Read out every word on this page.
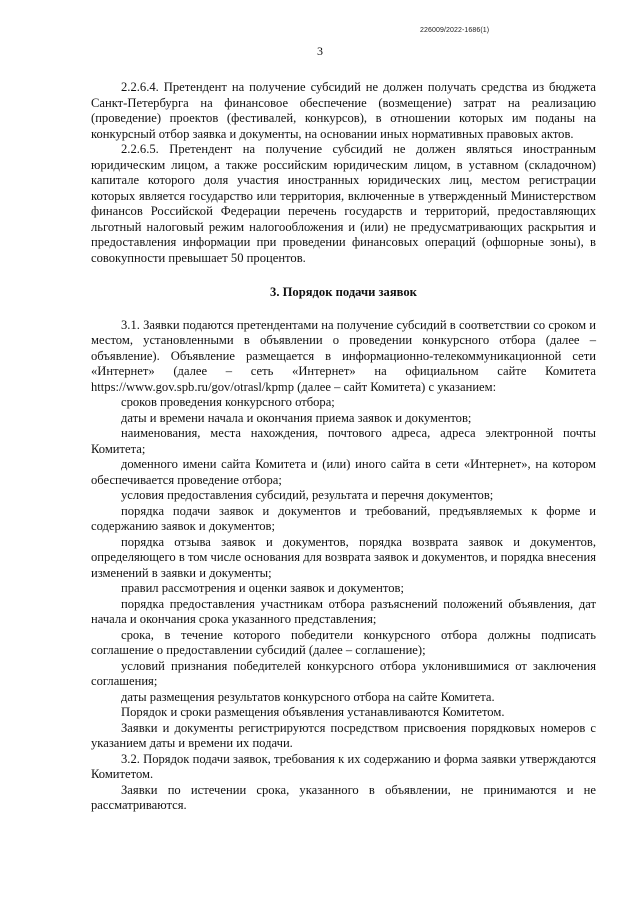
226009/2022-1686(1)
3

2.2.6.4. Претендент на получение субсидий не должен получать средства из бюджета Санкт-Петербурга на финансовое обеспечение (возмещение) затрат на реализацию (проведение) проектов (фестивалей, конкурсов), в отношении которых им поданы на конкурсный отбор заявка и документы, на основании иных нормативных правовых актов.

2.2.6.5. Претендент на получение субсидий не должен являться иностранным юридическим лицом, а также российским юридическим лицом, в уставном (складочном) капитале которого доля участия иностранных юридических лиц, местом регистрации которых является государство или территория, включенные в утвержденный Министерством финансов Российской Федерации перечень государств и территорий, предоставляющих льготный налоговый режим налогообложения и (или) не предусматривающих раскрытия и предоставления информации при проведении финансовых операций (офшорные зоны), в совокупности превышает 50 процентов.

3. Порядок подачи заявок

3.1. Заявки подаются претендентами на получение субсидий в соответствии со сроком и местом, установленными в объявлении о проведении конкурсного отбора (далее – объявление). Объявление размещается в информационно-телекоммуникационной сети «Интернет» (далее – сеть «Интернет» на официальном сайте Комитета https://www.gov.spb.ru/gov/otrasl/kpmp (далее – сайт Комитета) с указанием:

сроков проведения конкурсного отбора;

даты и времени начала и окончания приема заявок и документов;

наименования, места нахождения, почтового адреса, адреса электронной почты Комитета;

доменного имени сайта Комитета и (или) иного сайта в сети «Интернет», на котором обеспечивается проведение отбора;

условия предоставления субсидий, результата и перечня документов;

порядка подачи заявок и документов и требований, предъявляемых к форме и содержанию заявок и документов;

порядка отзыва заявок и документов, порядка возврата заявок и документов, определяющего в том числе основания для возврата заявок и документов, и порядка внесения изменений в заявки и документы;

правил рассмотрения и оценки заявок и документов;

порядка предоставления участникам отбора разъяснений положений объявления, дат начала и окончания срока указанного представления;

срока, в течение которого победители конкурсного отбора должны подписать соглашение о предоставлении субсидий (далее – соглашение);

условий признания победителей конкурсного отбора уклонившимися от заключения соглашения;

даты размещения результатов конкурсного отбора на сайте Комитета.

Порядок и сроки размещения объявления устанавливаются Комитетом.

Заявки и документы регистрируются посредством присвоения порядковых номеров с указанием даты и времени их подачи.

3.2. Порядок подачи заявок, требования к их содержанию и форма заявки утверждаются Комитетом.

Заявки по истечении срока, указанного в объявлении, не принимаются и не рассматриваются.
